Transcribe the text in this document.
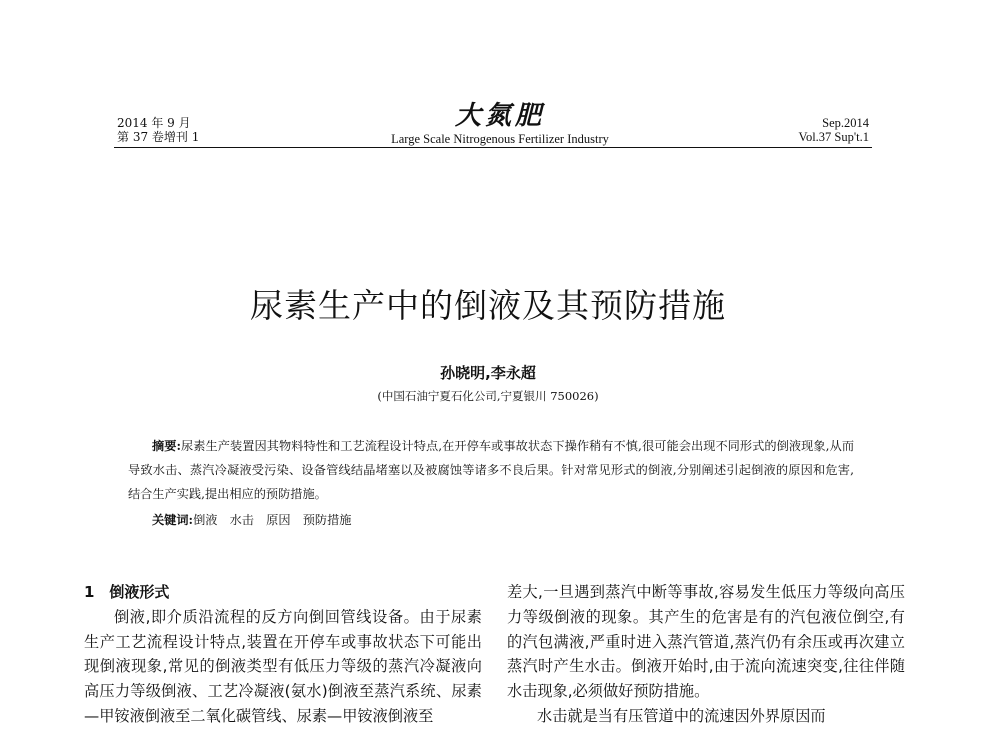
2014 年 9 月
第 37 卷增刊 1
大氮肥
Large Scale Nitrogenous Fertilizer Industry
Sep.2014
Vol.37 Sup't.1
尿素生产中的倒液及其预防措施
孙晓明,李永超
(中国石油宁夏石化公司,宁夏银川 750026)
摘要:尿素生产装置因其物料特性和工艺流程设计特点,在开停车或事故状态下操作稍有不慎,很可能会出现不同形式的倒液现象,从而导致水击、蒸汽冷凝液受污染、设备管线结晶堵塞以及被腐蚀等诸多不良后果。针对常见形式的倒液,分别阐述引起倒液的原因和危害,结合生产实践,提出相应的预防措施。
关键词:倒液　水击　原因　预防措施
1　倒液形式

倒液,即介质沿流程的反方向倒回管线设备。由于尿素生产工艺流程设计特点,装置在开停车或事故状态下可能出现倒液现象,常见的倒液类型有低压力等级的蒸汽冷凝液向高压力等级倒液、工艺冷凝液(氨水)倒液至蒸汽系统、尿素—甲铵液倒液至二氧化碳管线、尿素—甲铵液倒液至

差大,一旦遇到蒸汽中断等事故,容易发生低压力等级向高压力等级倒液的现象。其产生的危害是有的汽包液位倒空,有的汽包满液,严重时进入蒸汽管道,蒸汽仍有余压或再次建立蒸汽时产生水击。倒液开始时,由于流向流速突变,往往伴随水击现象,必须做好预防措施。

水击就是当有压管道中的流速因外界原因而
